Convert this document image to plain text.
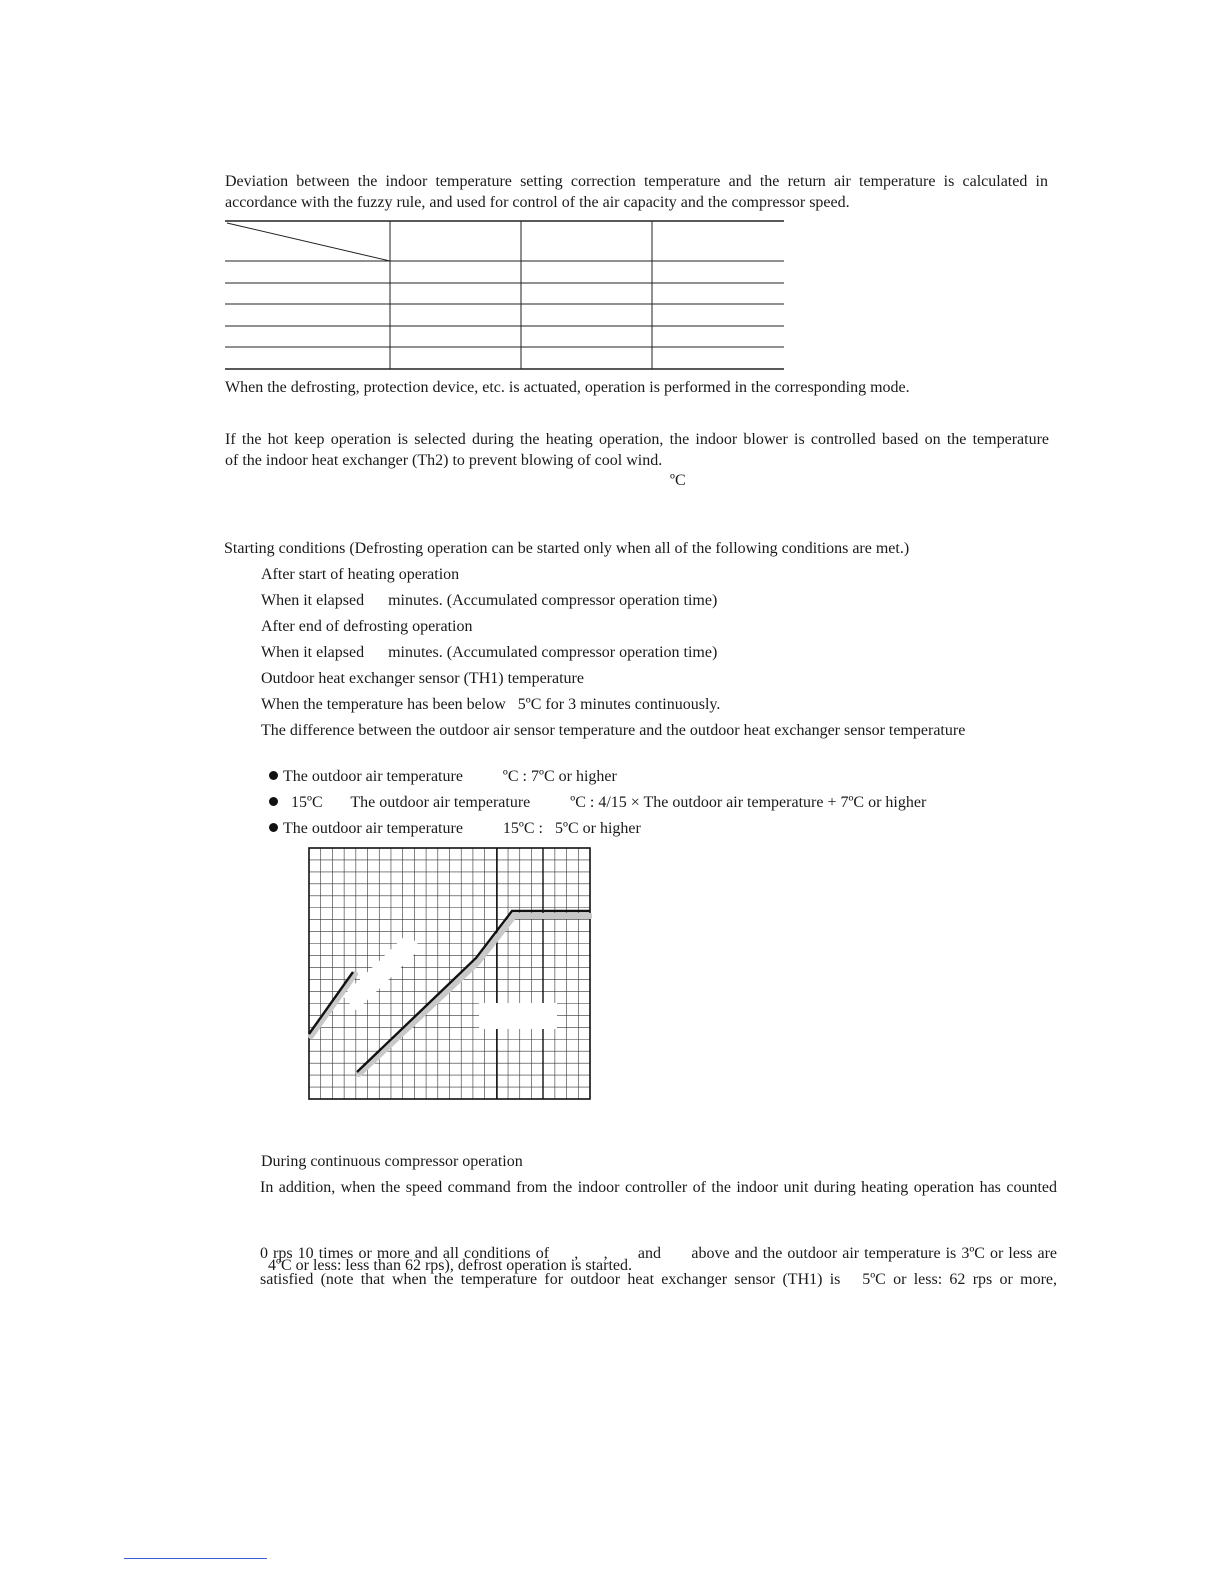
Deviation between the indoor temperature setting correction temperature and the return air temperature is calculated in

accordance with the fuzzy rule, and used for control of the air capacity and the compressor speed.

When the defrosting, protection device, etc. is actuated, operation is performed in the corresponding mode.

If the hot keep operation is selected during the heating operation, the indoor blower is controlled based on the temperature

of the indoor heat exchanger (Th2) to prevent blowing of cool wind.

ºC

Starting conditions (Defrosting operation can be started only when all of the following conditions are met.)

After start of heating operation

When it elapsed      minutes. (Accumulated compressor operation time)

After end of defrosting operation

When it elapsed      minutes. (Accumulated compressor operation time)

Outdoor heat exchanger sensor (TH1) temperature

When the temperature has been below   5ºC for 3 minutes continuously.

The difference between the outdoor air sensor temperature and the outdoor heat exchanger sensor temperature

The outdoor air temperature          ºC : 7ºC or higher

15ºC       The outdoor air temperature          ºC : 4/15 × The outdoor air temperature + 7ºC or higher

The outdoor air temperature          15ºC :   5ºC or higher

During continuous compressor operation

In addition, when the speed command from the indoor controller of the indoor unit during heating operation has counted

0 rps 10 times or more and all conditions of     ,     ,      and      above and the outdoor air temperature is 3ºC or less are

satisfied (note that when the temperature for outdoor heat exchanger sensor (TH1) is   5ºC or less: 62 rps or more,

4ºC or less: less than 62 rps), defrost operation is started.
